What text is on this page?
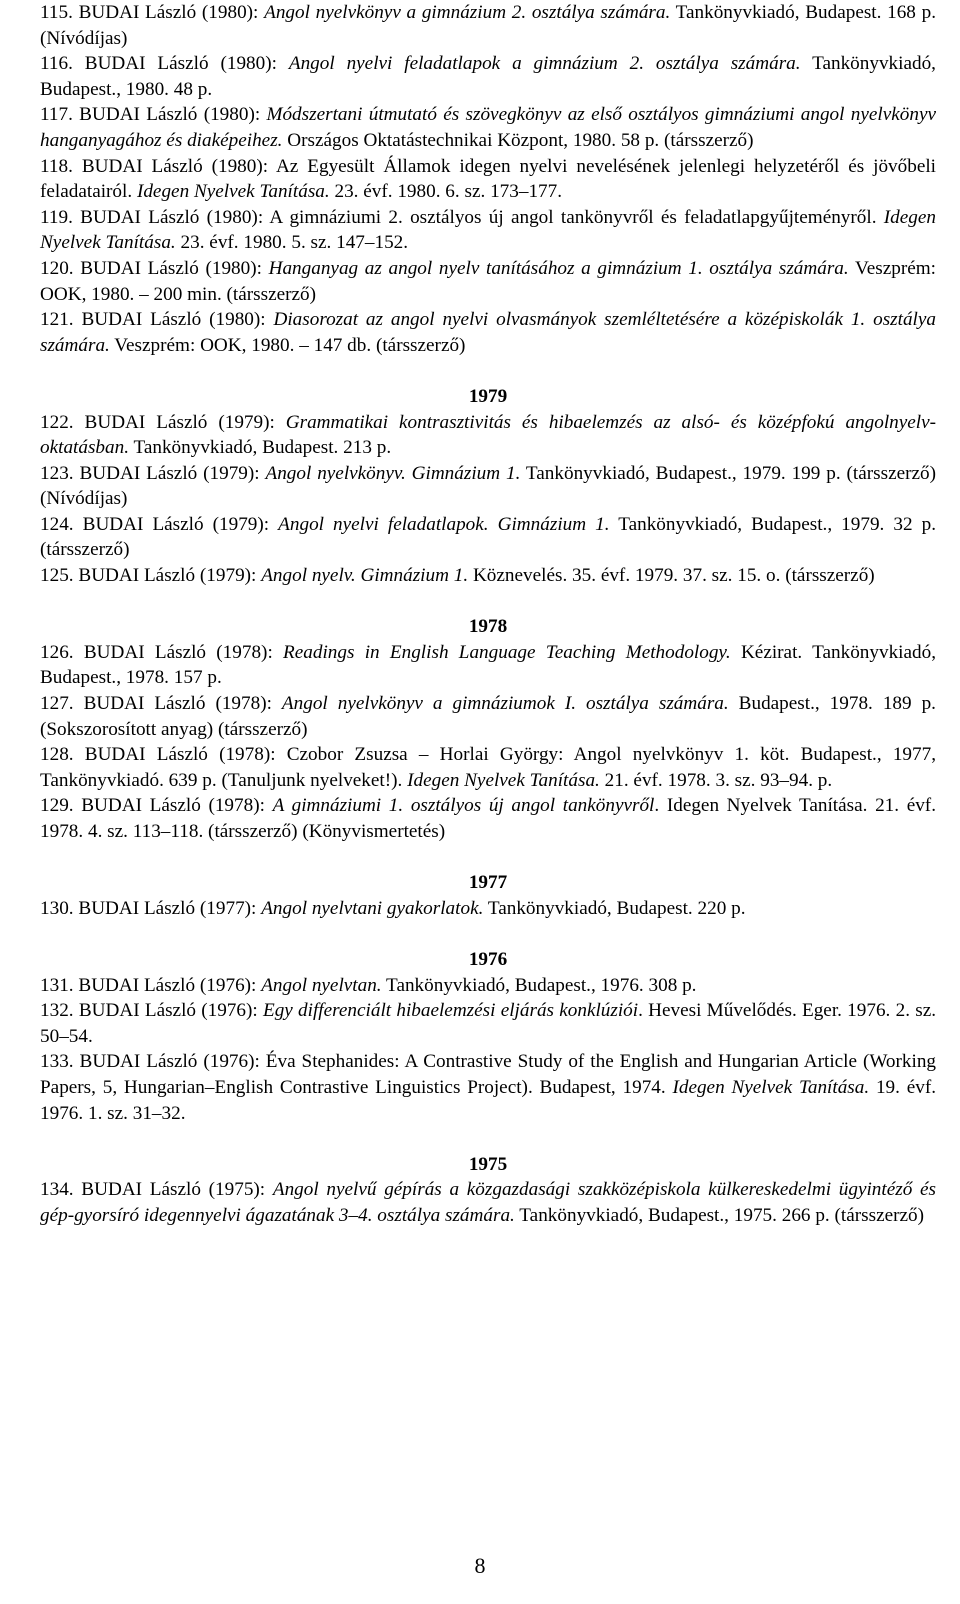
115. BUDAI László (1980): Angol nyelvkönyv a gimnázium 2. osztálya számára. Tankönyvkiadó, Budapest. 168 p. (Nívódíjas)
116. BUDAI László (1980): Angol nyelvi feladatlapok a gimnázium 2. osztálya számára. Tankönyvkiadó, Budapest., 1980. 48 p.
117. BUDAI László (1980): Módszertani útmutató és szövegkönyv az első osztályos gimnáziumi angol nyelvkönyv hanganyagához és diaképeihez. Országos Oktatástechnikai Központ, 1980. 58 p. (társszerző)
118. BUDAI László (1980): Az Egyesült Államok idegen nyelvi nevelésének jelenlegi helyzetéről és jövőbeli feladatairól. Idegen Nyelvek Tanítása. 23. évf. 1980. 6. sz. 173–177.
119. BUDAI László (1980): A gimnáziumi 2. osztályos új angol tankönyvről és feladatlapgyűjteményről. Idegen Nyelvek Tanítása. 23. évf. 1980. 5. sz. 147–152.
120. BUDAI László (1980): Hanganyag az angol nyelv tanításához a gimnázium 1. osztálya számára. Veszprém: OOK, 1980. – 200 min. (társszerző)
121. BUDAI László (1980): Diasorozat az angol nyelvi olvasmányok szemléltetésére a középiskolák 1. osztálya számára. Veszprém: OOK, 1980. – 147 db. (társszerző)
1979
122. BUDAI László (1979): Grammatikai kontrasztivitás és hibaelemzés az alsó- és középfokú angolnyelv-oktatásban. Tankönyvkiadó, Budapest. 213 p.
123. BUDAI László (1979): Angol nyelvkönyv. Gimnázium 1. Tankönyvkiadó, Budapest., 1979. 199 p. (társszerző) (Nívódíjas)
124. BUDAI László (1979): Angol nyelvi feladatlapok. Gimnázium 1. Tankönyvkiadó, Budapest., 1979. 32 p. (társszerző)
125. BUDAI László (1979): Angol nyelv. Gimnázium 1. Köznevelés. 35. évf. 1979. 37. sz. 15. o. (társszerző)
1978
126. BUDAI László (1978): Readings in English Language Teaching Methodology. Kézirat. Tankönyvkiadó, Budapest., 1978. 157 p.
127. BUDAI László (1978): Angol nyelvkönyv a gimnáziumok I. osztálya számára. Budapest., 1978. 189 p. (Sokszorosított anyag) (társszerző)
128. BUDAI László (1978): Czobor Zsuzsa – Horlai György: Angol nyelvkönyv 1. köt. Budapest., 1977, Tankönyvkiadó. 639 p. (Tanuljunk nyelveket!). Idegen Nyelvek Tanítása. 21. évf. 1978. 3. sz. 93–94. p.
129. BUDAI László (1978): A gimnáziumi 1. osztályos új angol tankönyvről. Idegen Nyelvek Tanítása. 21. évf. 1978. 4. sz. 113–118. (társszerző) (Könyvismertetés)
1977
130. BUDAI László (1977): Angol nyelvtani gyakorlatok. Tankönyvkiadó, Budapest. 220 p.
1976
131. BUDAI László (1976): Angol nyelvtan. Tankönyvkiadó, Budapest., 1976. 308 p.
132. BUDAI László (1976): Egy differenciált hibaelemzési eljárás konklúziói. Hevesi Művelődés. Eger. 1976. 2. sz. 50–54.
133. BUDAI László (1976): Éva Stephanides: A Contrastive Study of the English and Hungarian Article (Working Papers, 5, Hungarian–English Contrastive Linguistics Project). Budapest, 1974. Idegen Nyelvek Tanítása. 19. évf. 1976. 1. sz. 31–32.
1975
134. BUDAI László (1975): Angol nyelvű gépírás a közgazdasági szakközépiskola külkereskedelmi ügyintéző és gép-gyorsíró idegennyelvi ágazatának 3–4. osztálya számára. Tankönyvkiadó, Budapest., 1975. 266 p. (társszerző)
8
